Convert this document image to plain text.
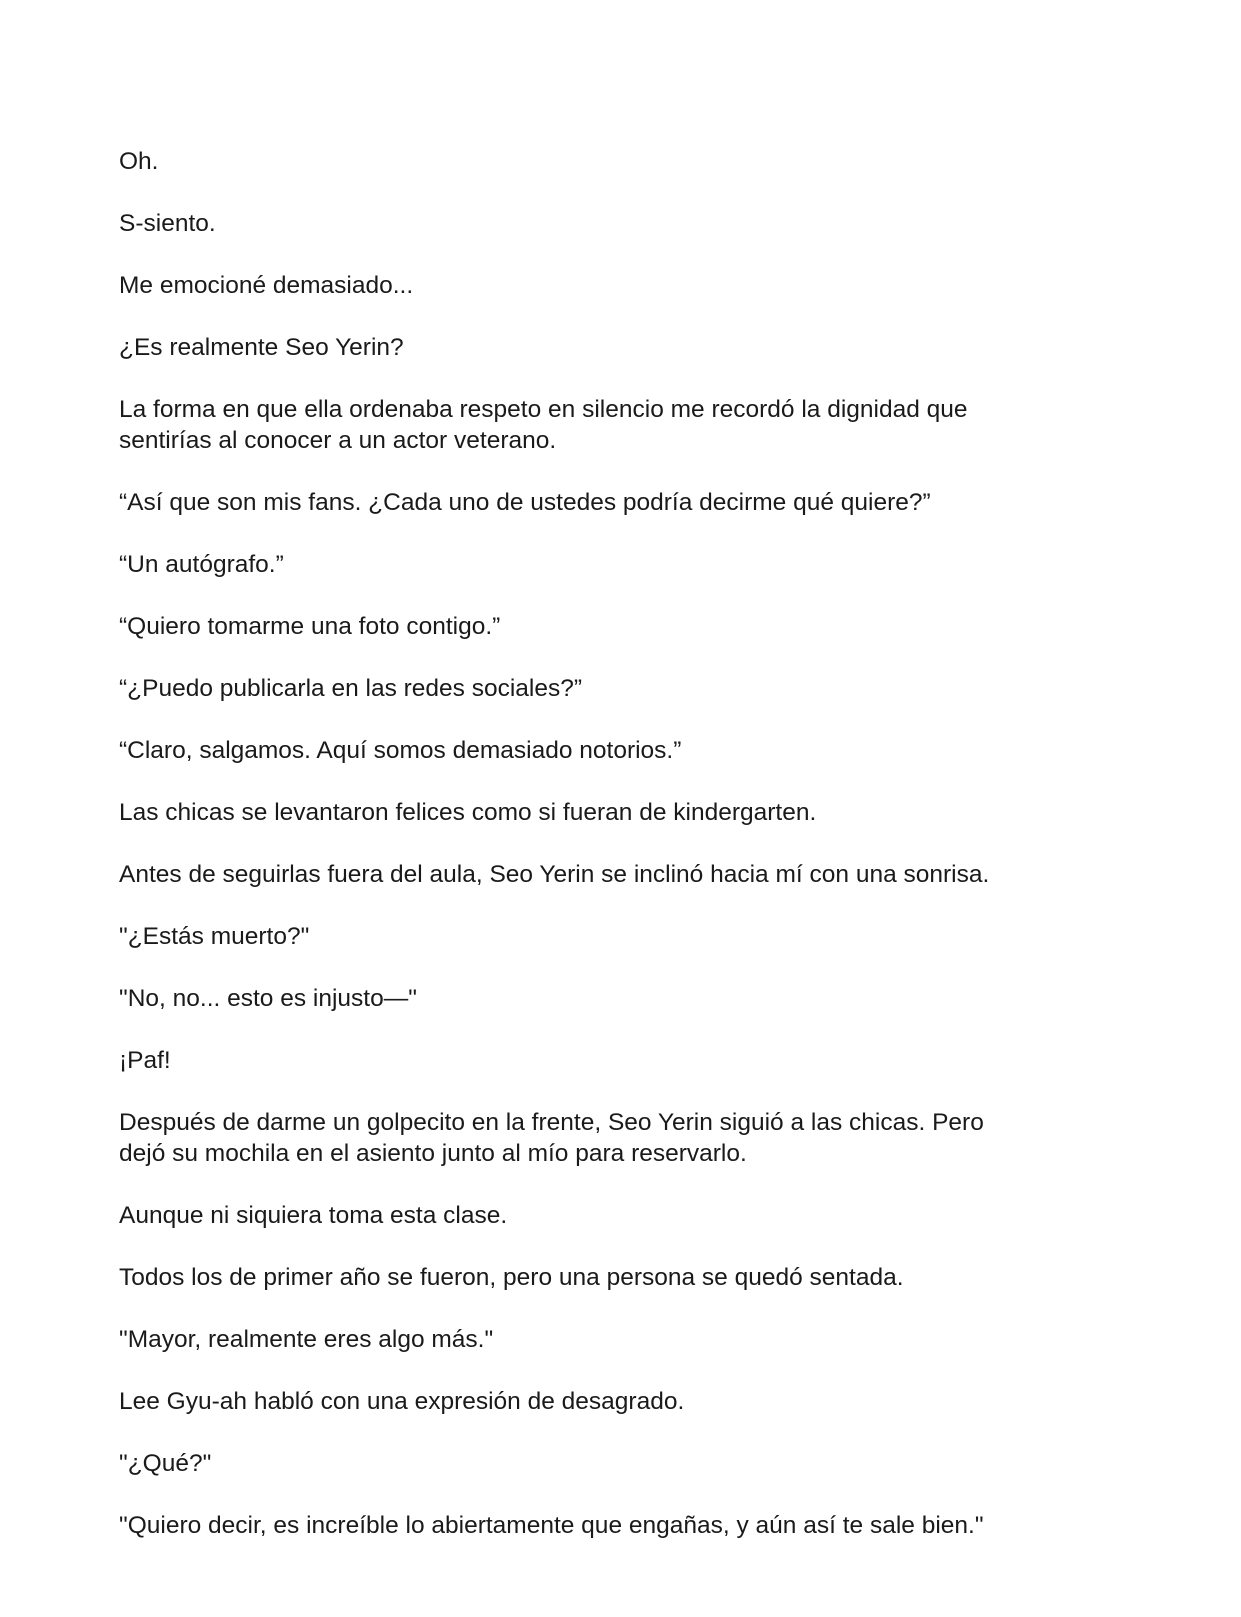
Oh.

S-siento.

Me emocioné demasiado...

¿Es realmente Seo Yerin?

La forma en que ella ordenaba respeto en silencio me recordó la dignidad que
sentirías al conocer a un actor veterano.

“Así que son mis fans. ¿Cada uno de ustedes podría decirme qué quiere?”

“Un autógrafo.”

“Quiero tomarme una foto contigo.”

“¿Puedo publicarla en las redes sociales?”

“Claro, salgamos. Aquí somos demasiado notorios.”

Las chicas se levantaron felices como si fueran de kindergarten.

Antes de seguirlas fuera del aula, Seo Yerin se inclinó hacia mí con una sonrisa.

"¿Estás muerto?"

"No, no... esto es injusto—"

¡Paf!

Después de darme un golpecito en la frente, Seo Yerin siguió a las chicas. Pero
dejó su mochila en el asiento junto al mío para reservarlo.

Aunque ni siquiera toma esta clase.

Todos los de primer año se fueron, pero una persona se quedó sentada.

"Mayor, realmente eres algo más."

Lee Gyu-ah habló con una expresión de desagrado.

"¿Qué?"

"Quiero decir, es increíble lo abiertamente que engañas, y aún así te sale bien."
